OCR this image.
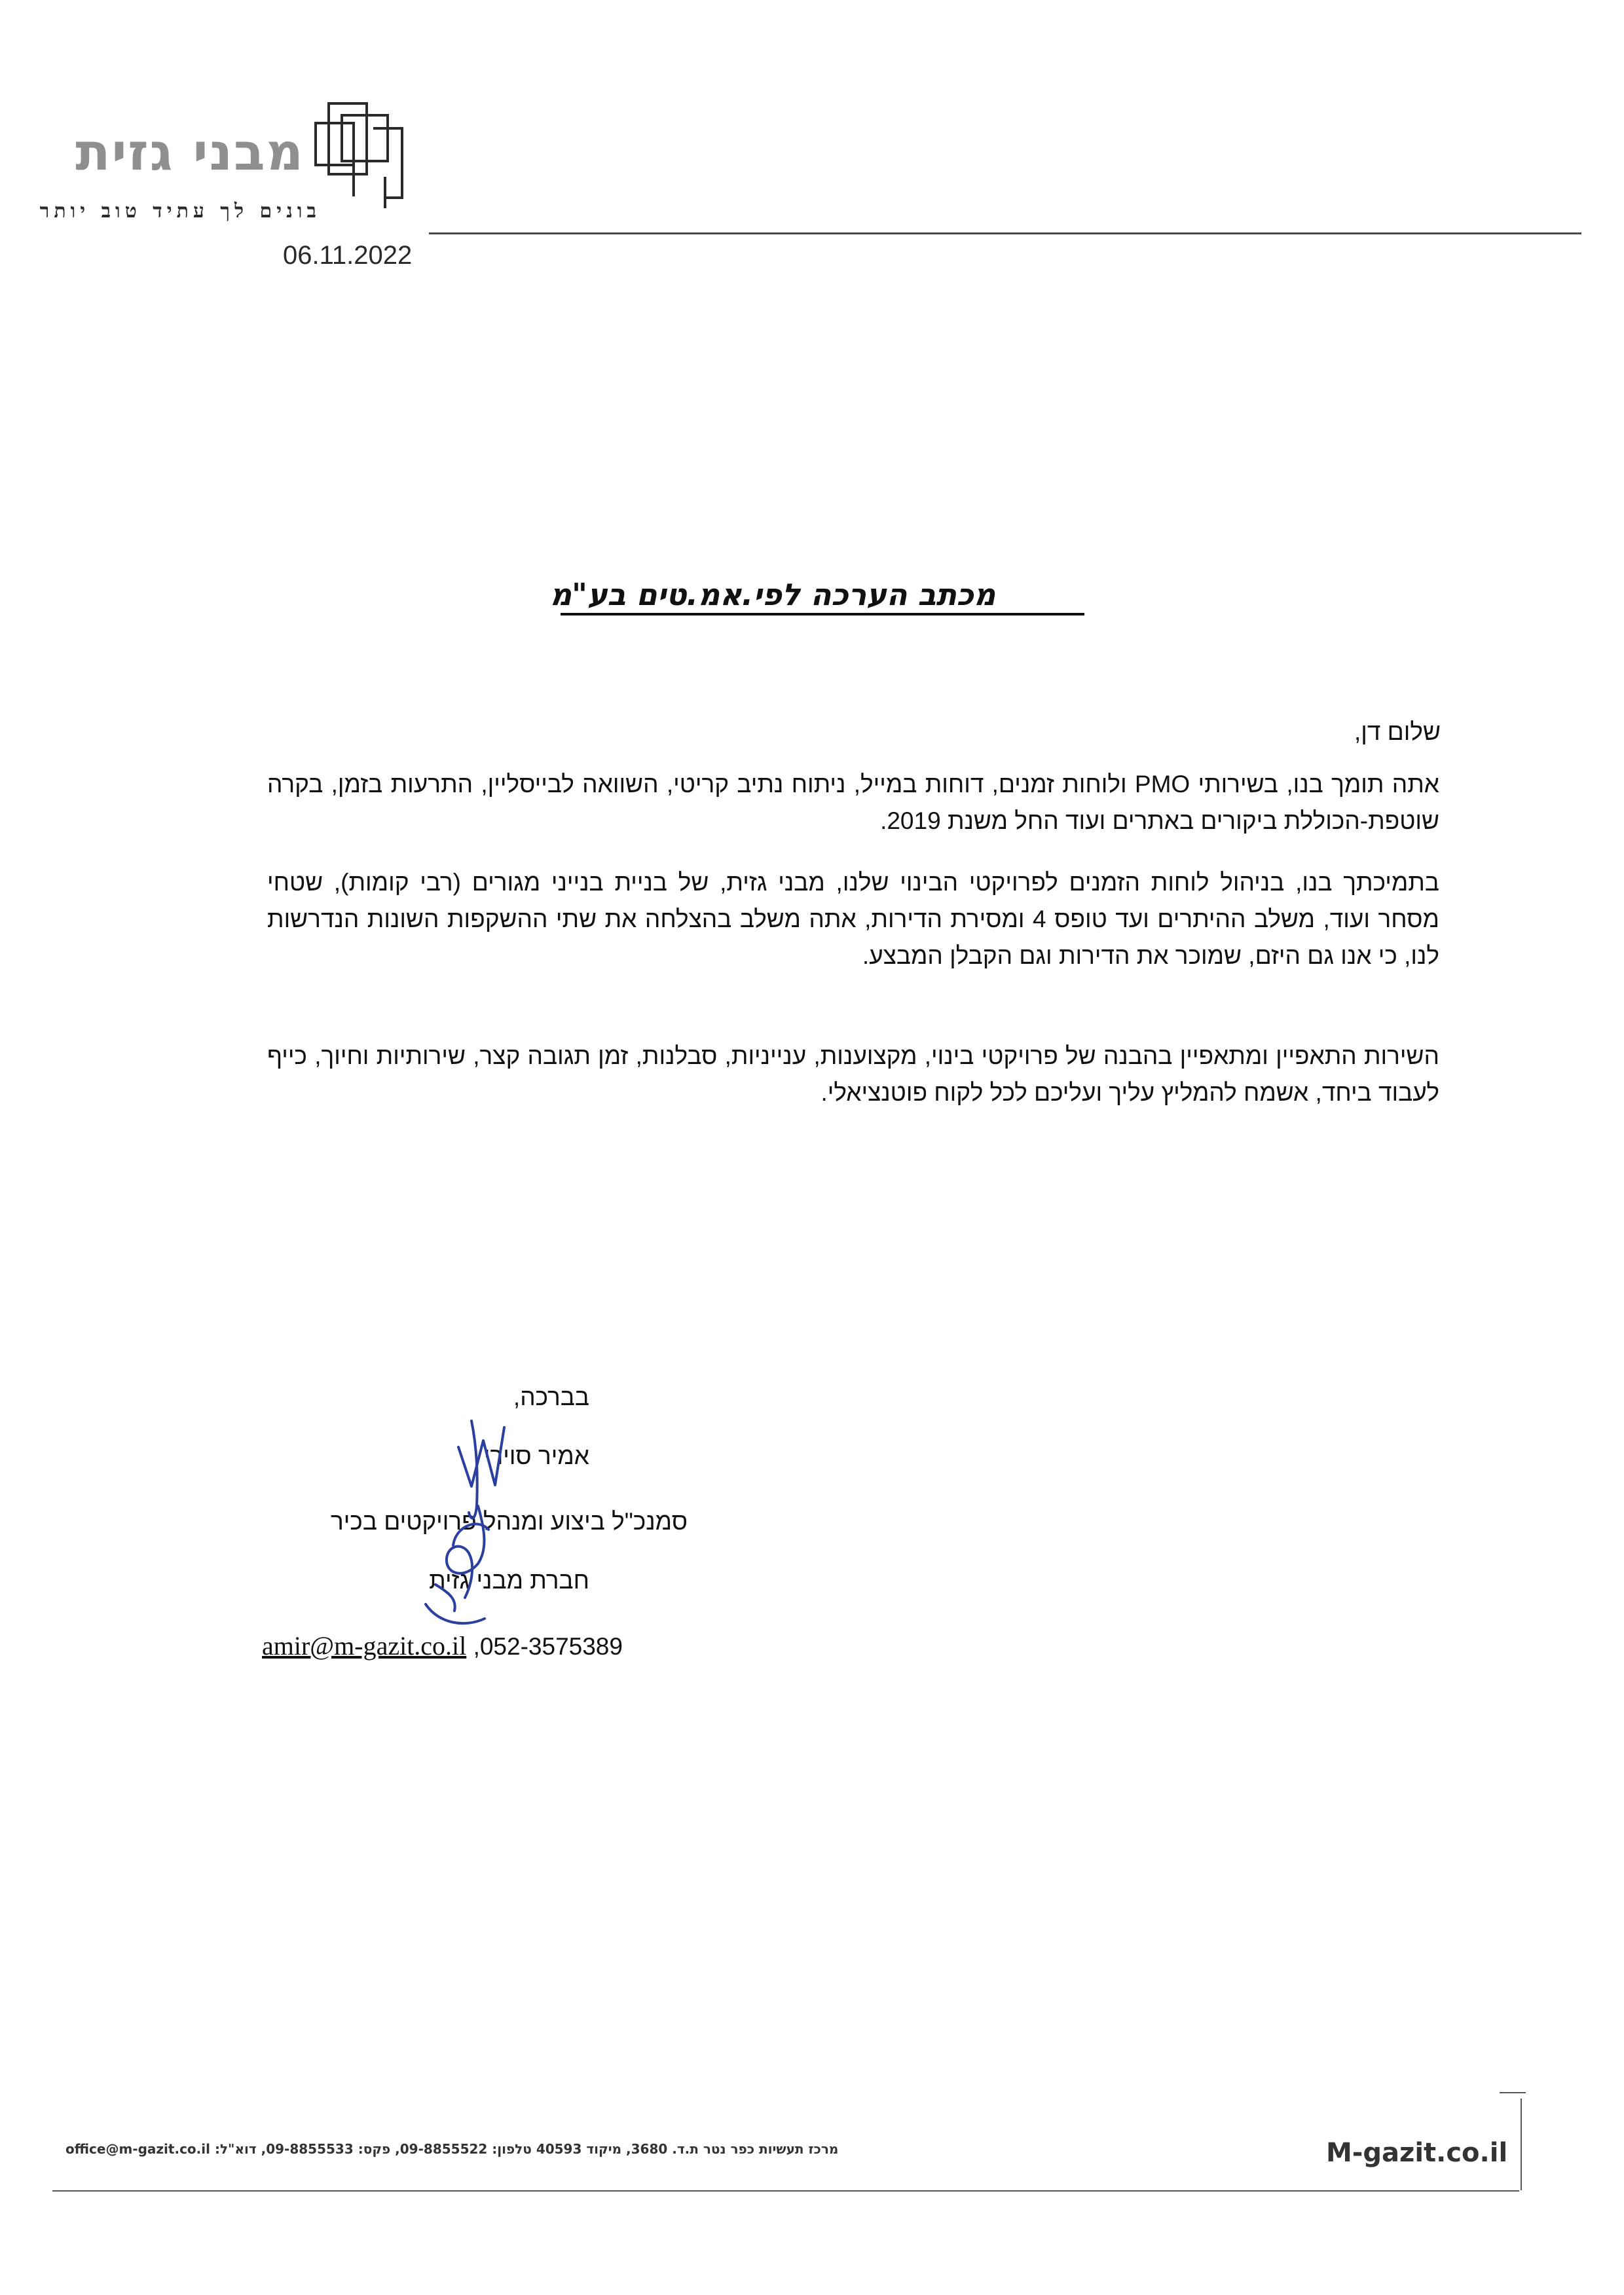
מבני גזית
בונים לך עתיד טוב יותר
06.11.2022
מכתב הערכה לפי.אמ.טים בע"מ
שלום דן,
אתה תומך בנו, בשירותי PMO ולוחות זמנים, דוחות במייל, ניתוח נתיב קריטי, השוואה לבייסליין, התרעות בזמן, בקרה שוטפת-הכוללת ביקורים באתרים ועוד החל משנת 2019.
בתמיכתך בנו, בניהול לוחות הזמנים לפרויקטי הבינוי שלנו, מבני גזית, של בניית בנייני מגורים (רבי קומות), שטחי מסחר ועוד, משלב ההיתרים ועד טופס 4 ומסירת הדירות, אתה משלב בהצלחה את שתי ההשקפות השונות הנדרשות לנו, כי אנו גם היזם, שמוכר את הדירות וגם הקבלן המבצע.
השירות התאפיין ומתאפיין בהבנה של פרויקטי בינוי, מקצוענות, ענייניות, סבלנות, זמן תגובה קצר, שירותיות וחיוך, כייף לעבוד ביחד, אשמח להמליץ עליך ועליכם לכל לקוח פוטנציאלי.
בברכה,
אמיר סוירי
סמנכ"ל ביצוע ומנהל פרויקטים בכיר
חברת מבני גזית
amir@m-gazit.co.il ,052-3575389
מרכז תעשיות כפר נטר ת.ד. 3680, מיקוד 40593 טלפון: 09-8855522, פקס: 09-8855533, דוא"ל: office@m-gazit.co.il	M-gazit.co.il
